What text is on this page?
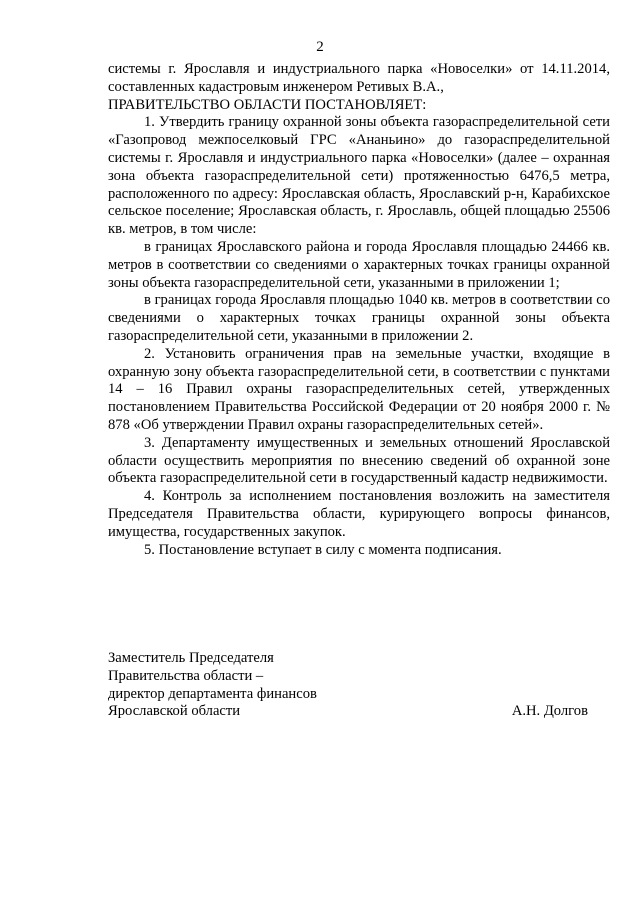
2

системы г. Ярославля и индустриального парка «Новоселки» от 14.11.2014, составленных кадастровым инженером Ретивых В.А.,

ПРАВИТЕЛЬСТВО ОБЛАСТИ ПОСТАНОВЛЯЕТ:

1. Утвердить границу охранной зоны объекта газораспределительной сети «Газопровод межпоселковый ГРС «Ананьино» до газораспределительной системы г. Ярославля и индустриального парка «Новоселки» (далее – охранная зона объекта газораспределительной сети) протяженностью 6476,5 метра, расположенного по адресу: Ярославская область, Ярославский р-н, Карабихское сельское поселение; Ярославская область, г. Ярославль, общей площадью 25506 кв. метров, в том числе:

в границах Ярославского района и города Ярославля площадью 24466 кв. метров в соответствии со сведениями о характерных точках границы охранной зоны объекта газораспределительной сети, указанными в приложении 1;

в границах города Ярославля площадью 1040 кв. метров в соответствии со сведениями о характерных точках границы охранной зоны объекта газораспределительной сети, указанными в приложении 2.

2. Установить ограничения прав на земельные участки, входящие в охранную зону объекта газораспределительной сети, в соответствии с пунктами 14 – 16 Правил охраны газораспределительных сетей, утвержденных постановлением Правительства Российской Федерации от 20 ноября 2000 г. № 878 «Об утверждении Правил охраны газораспределительных сетей».

3. Департаменту имущественных и земельных отношений Ярославской области осуществить мероприятия по внесению сведений об охранной зоне объекта газораспределительной сети в государственный кадастр недвижимости.

4. Контроль за исполнением постановления возложить на заместителя Председателя Правительства области, курирующего вопросы финансов, имущества, государственных закупок.

5. Постановление вступает в силу с момента подписания.

Заместитель Председателя
Правительства области –
директор департамента финансов
Ярославской области	А.Н. Долгов
